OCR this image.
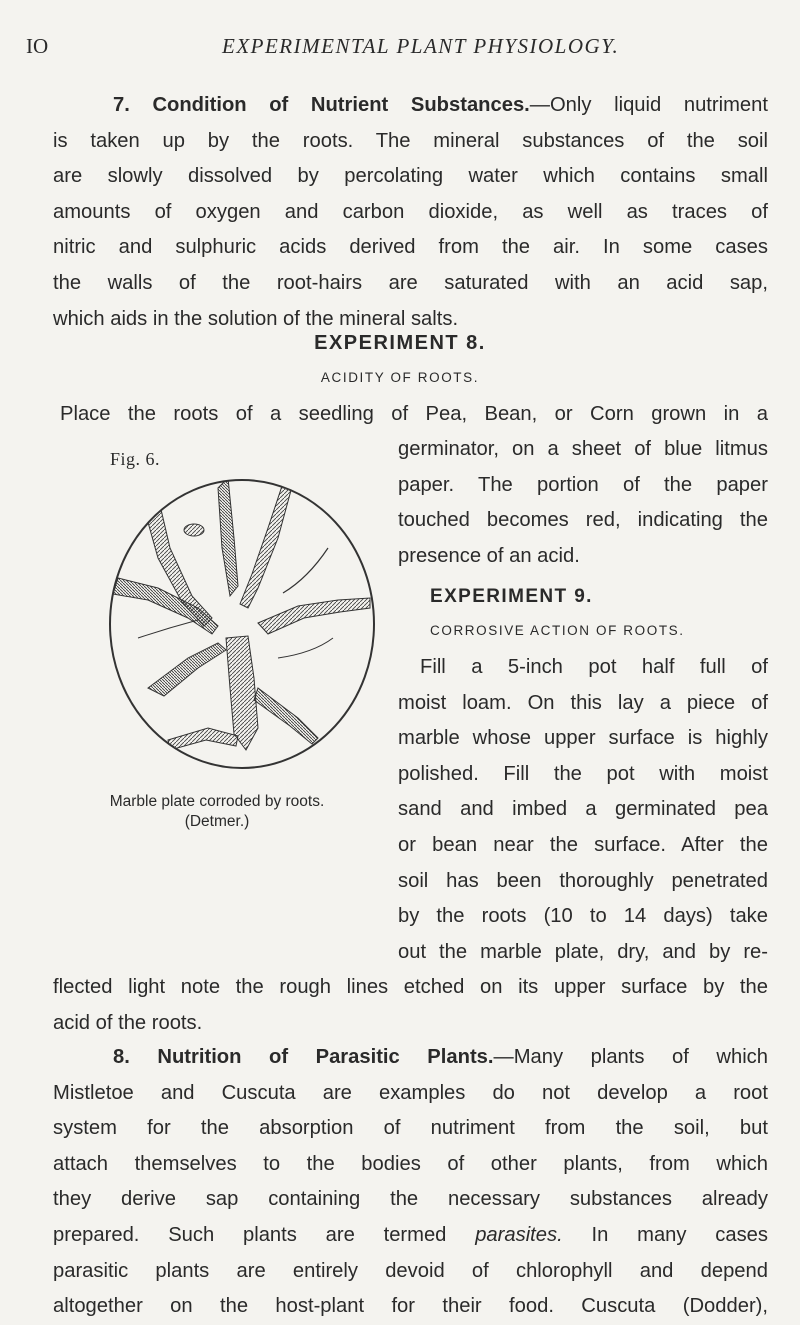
IO	EXPERIMENTAL PLANT PHYSIOLOGY.
7. Condition of Nutrient Substances.—Only liquid nutriment
is taken up by the roots. The mineral substances of the soil
are slowly dissolved by percolating water which contains small
amounts of oxygen and carbon dioxide, as well as traces of
nitric and sulphuric acids derived from the air. In some cases
the walls of the root-hairs are saturated with an acid sap,
which aids in the solution of the mineral salts.
EXPERIMENT 8.
ACIDITY OF ROOTS.
Place the roots of a seedling of Pea, Bean, or Corn grown in a
germinator, on a sheet of blue litmus
paper. The portion of the paper
touched becomes red, indicating the
presence of an acid.
Fig. 6.
Marble plate corroded by roots.
(Detmer.)
EXPERIMENT 9.
CORROSIVE ACTION OF ROOTS.
Fill a 5-inch pot half full of
moist loam. On this lay a piece of
marble whose upper surface is highly
polished. Fill the pot with moist
sand and imbed a germinated pea
or bean near the surface. After the
soil has been thoroughly penetrated
by the roots (10 to 14 days) take
out the marble plate, dry, and by re-
flected light note the rough lines etched on its upper surface by the
acid of the roots.
8. Nutrition of Parasitic Plants.—Many plants of which
Mistletoe and Cuscuta are examples do not develop a root
system for the absorption of nutriment from the soil, but
attach themselves to the bodies of other plants, from which
they derive sap containing the necessary substances already
prepared. Such plants are termed parasites. In many cases
parasitic plants are entirely devoid of chlorophyll and depend
altogether on the host-plant for their food. Cuscuta (Dodder),
